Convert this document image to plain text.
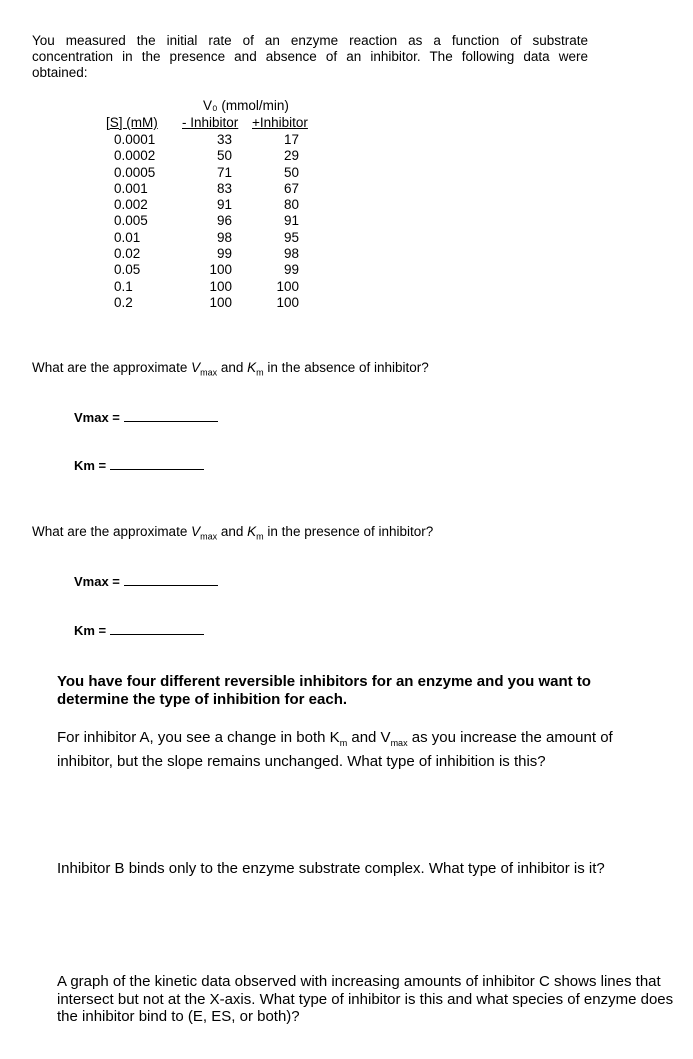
You measured the initial rate of an enzyme reaction as a function of substrate
concentration in the presence and absence of an inhibitor. The following data were
obtained:
V₀ (mmol/min)
[S] (mM) - Inhibitor +Inhibitor
0.0001
0.0002
0.0005
0.001
0.002
0.005
0.01
0.02
0.05
0.1
0.2
33
50
71
83
91
96
98
99
100
100
100
17
29
50
67
80
91
95
98
99
100
100
What are the approximate $V_{max}$ and $K_m$ in the absence of inhibitor?
Vmax =
Km =
What are the approximate $V_{max}$ and $K_m$ in the presence of inhibitor?
Vmax =
Km =
You have four different reversible inhibitors for an enzyme and you want to determine the type of inhibition for each.
For inhibitor A, you see a change in both $K_m$ and $V_{max}$ as you increase the amount of inhibitor, but the slope remains unchanged. What type of inhibition is this?
Inhibitor B binds only to the enzyme substrate complex. What type of inhibitor is it?
A graph of the kinetic data observed with increasing amounts of inhibitor C shows lines that intersect but not at the X-axis. What type of inhibitor is this and what species of enzyme does the inhibitor bind to (E, ES, or both)?
